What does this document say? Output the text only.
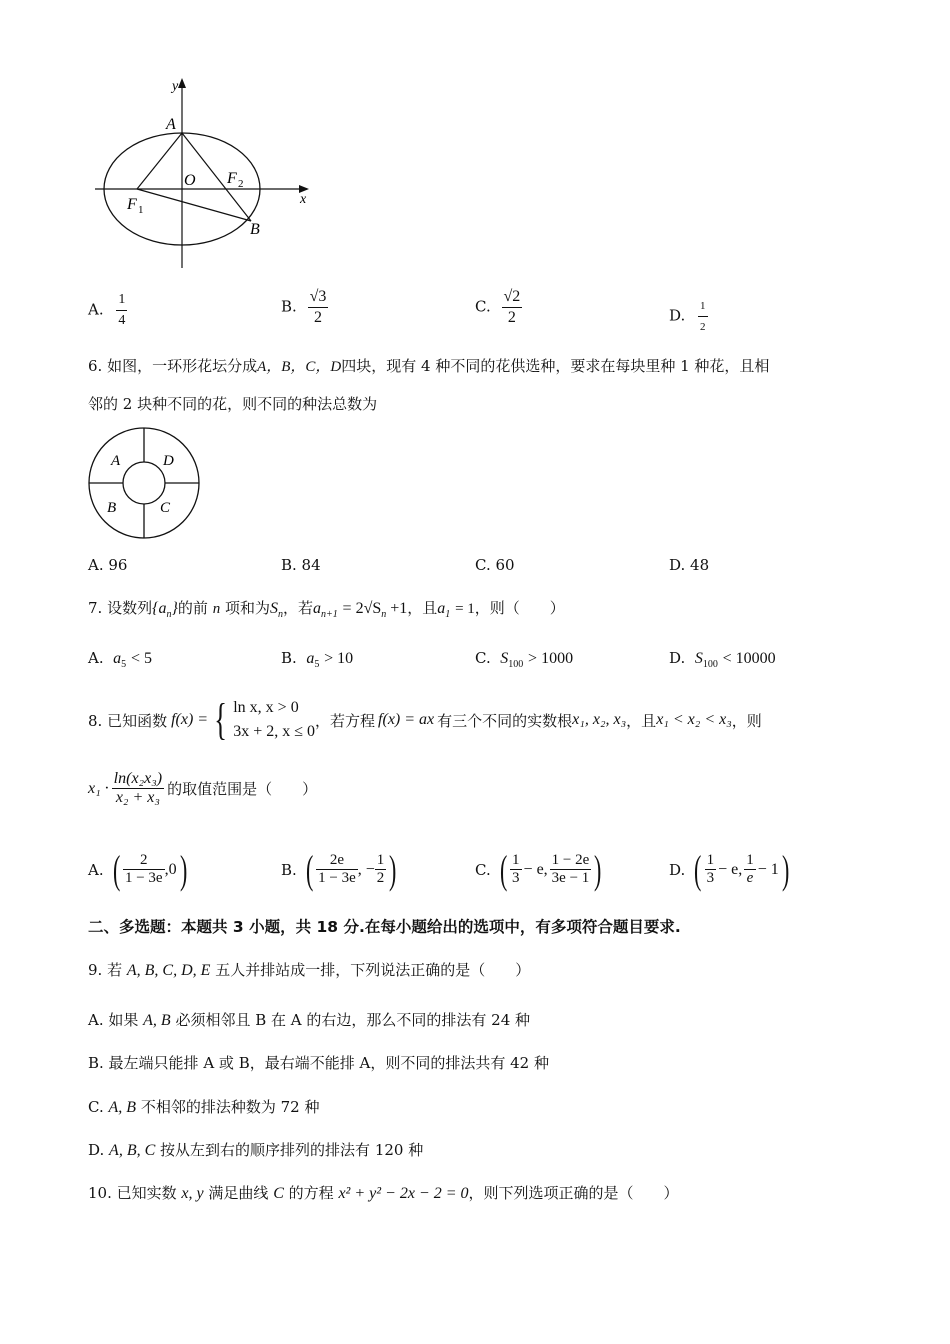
y
x
A
O F 2
F 1
B
A. $\frac{1}{4}$	B. $\frac{√3}{2}$	C. $\frac{√2}{2}$	D. $\frac{1}{2}$
6. 如图，一环形花坛分成A，B，C，D四块，现有 4 种不同的花供选种，要求在每块里种 1 种花，且相
邻的 2 块种不同的花，则不同的种法总数为
A	D
B	C
A. 96	B. 84	C. 60	D. 48
7. 设数列$\{a_n\}$的前 n 项和为$S_n$，若$a_{n+1} = 2√S_n +1$，且$a_1 = 1$，则（　　）
A. $a_5 < 5$	B. $a_5 > 10$	C. $S_{100} > 1000$	D. $S_{100} < 10000$
8. 已知函数 f(x) = { ln x, x > 0
3x + 2, x ≤ 0
，若方程 f(x) = ax 有三个不同的实数根 x₁, x₂, x₃ ，且 x₁ < x₂ < x₃ ，则
$x_1 \cdot \frac{\text{ln(x₂x₃)}}{\text{x₂ + x₃}}$ 的取值范围是（　　）
A. ( $\frac{2}{1 - 3e} ,0$ )	B. ( $\frac{2e}{1 - 3e}$ , − $\frac{1}{2}$ )	C. ( $\frac{1}{3} - e$, $\frac{1 - 2e}{3e - 1}$ )	D. ( $\frac{1}{3} - e$, $\frac{1}{e} - 1$ )
二、多选题：本题共 3 小题，共 18 分.在每小题给出的选项中，有多项符合题目要求.
9. 若 A, B, C, D, E 五人并排站成一排，下列说法正确的是（　　）
A. 如果 A, B 必须相邻且 B 在 A 的右边，那么不同的排法有 24 种
B. 最左端只能排 A 或 B，最右端不能排 A，则不同的排法共有 42 种
C. A, B 不相邻的排法种数为 72 种
D. A, B, C 按从左到右的顺序排列的排法有 120 种
10. 已知实数 x, y 满足曲线 C 的方程 x² + y² − 2x − 2 = 0，则下列选项正确的是（　　）
